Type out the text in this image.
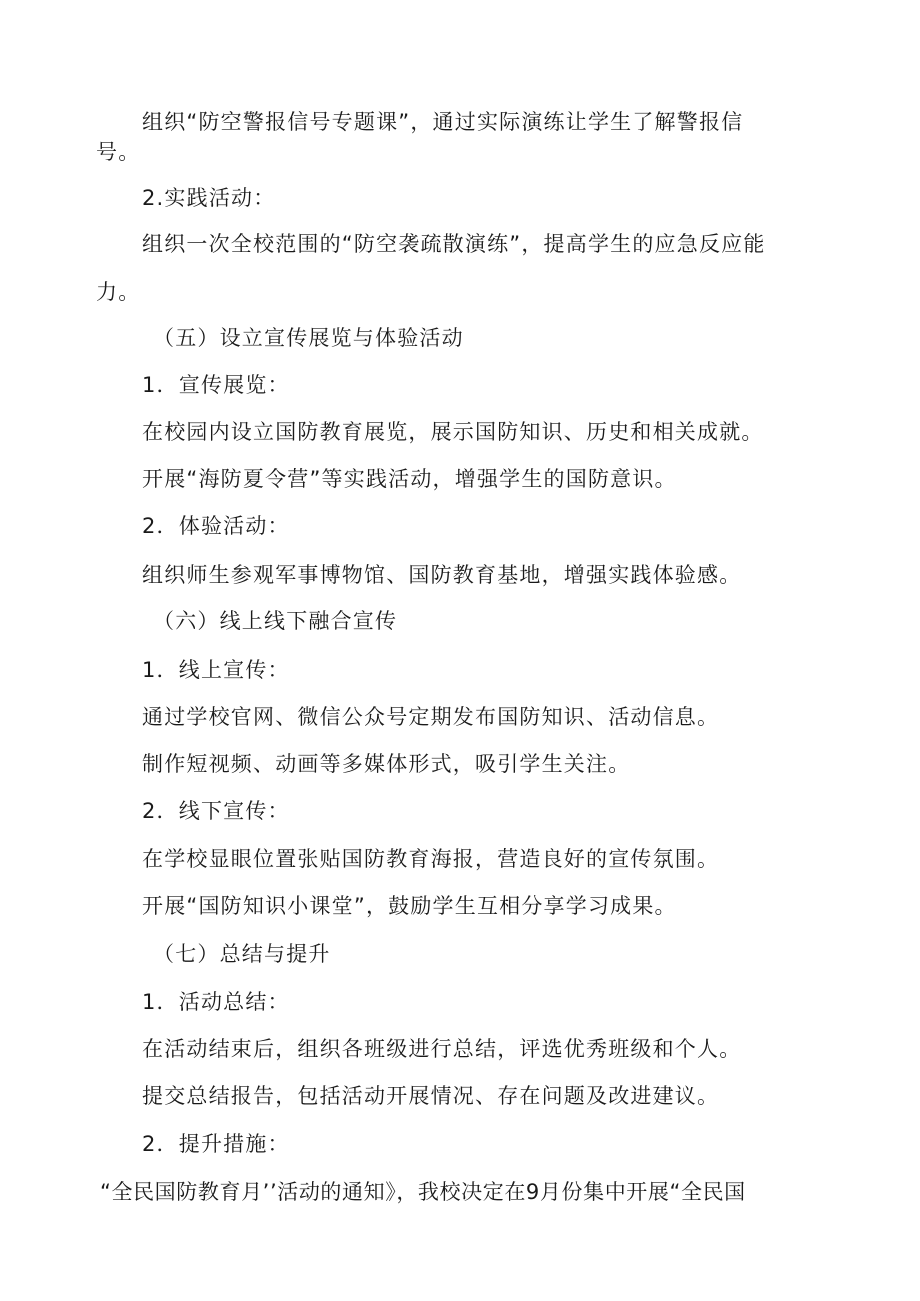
组织“防空警报信号专题课”，通过实际演练让学生了解警报信
号。
2.实践活动：
组织一次全校范围的“防空袭疏散演练”，提高学生的应急反应能
力。
（五）设立宣传展览与体验活动
1．宣传展览：
在校园内设立国防教育展览，展示国防知识、历史和相关成就。
开展“海防夏令营”等实践活动，增强学生的国防意识。
2．体验活动：
组织师生参观军事博物馆、国防教育基地，增强实践体验感。
（六）线上线下融合宣传
1．线上宣传：
通过学校官网、微信公众号定期发布国防知识、活动信息。
制作短视频、动画等多媒体形式，吸引学生关注。
2．线下宣传：
在学校显眼位置张贴国防教育海报，营造良好的宣传氛围。
开展“国防知识小课堂”，鼓励学生互相分享学习成果。
（七）总结与提升
1．活动总结：
在活动结束后，组织各班级进行总结，评选优秀班级和个人。
提交总结报告，包括活动开展情况、存在问题及改进建议。
2．提升措施：
“全民国防教育月’’活动的通知》，我校决定在9月份集中开展“全民国
